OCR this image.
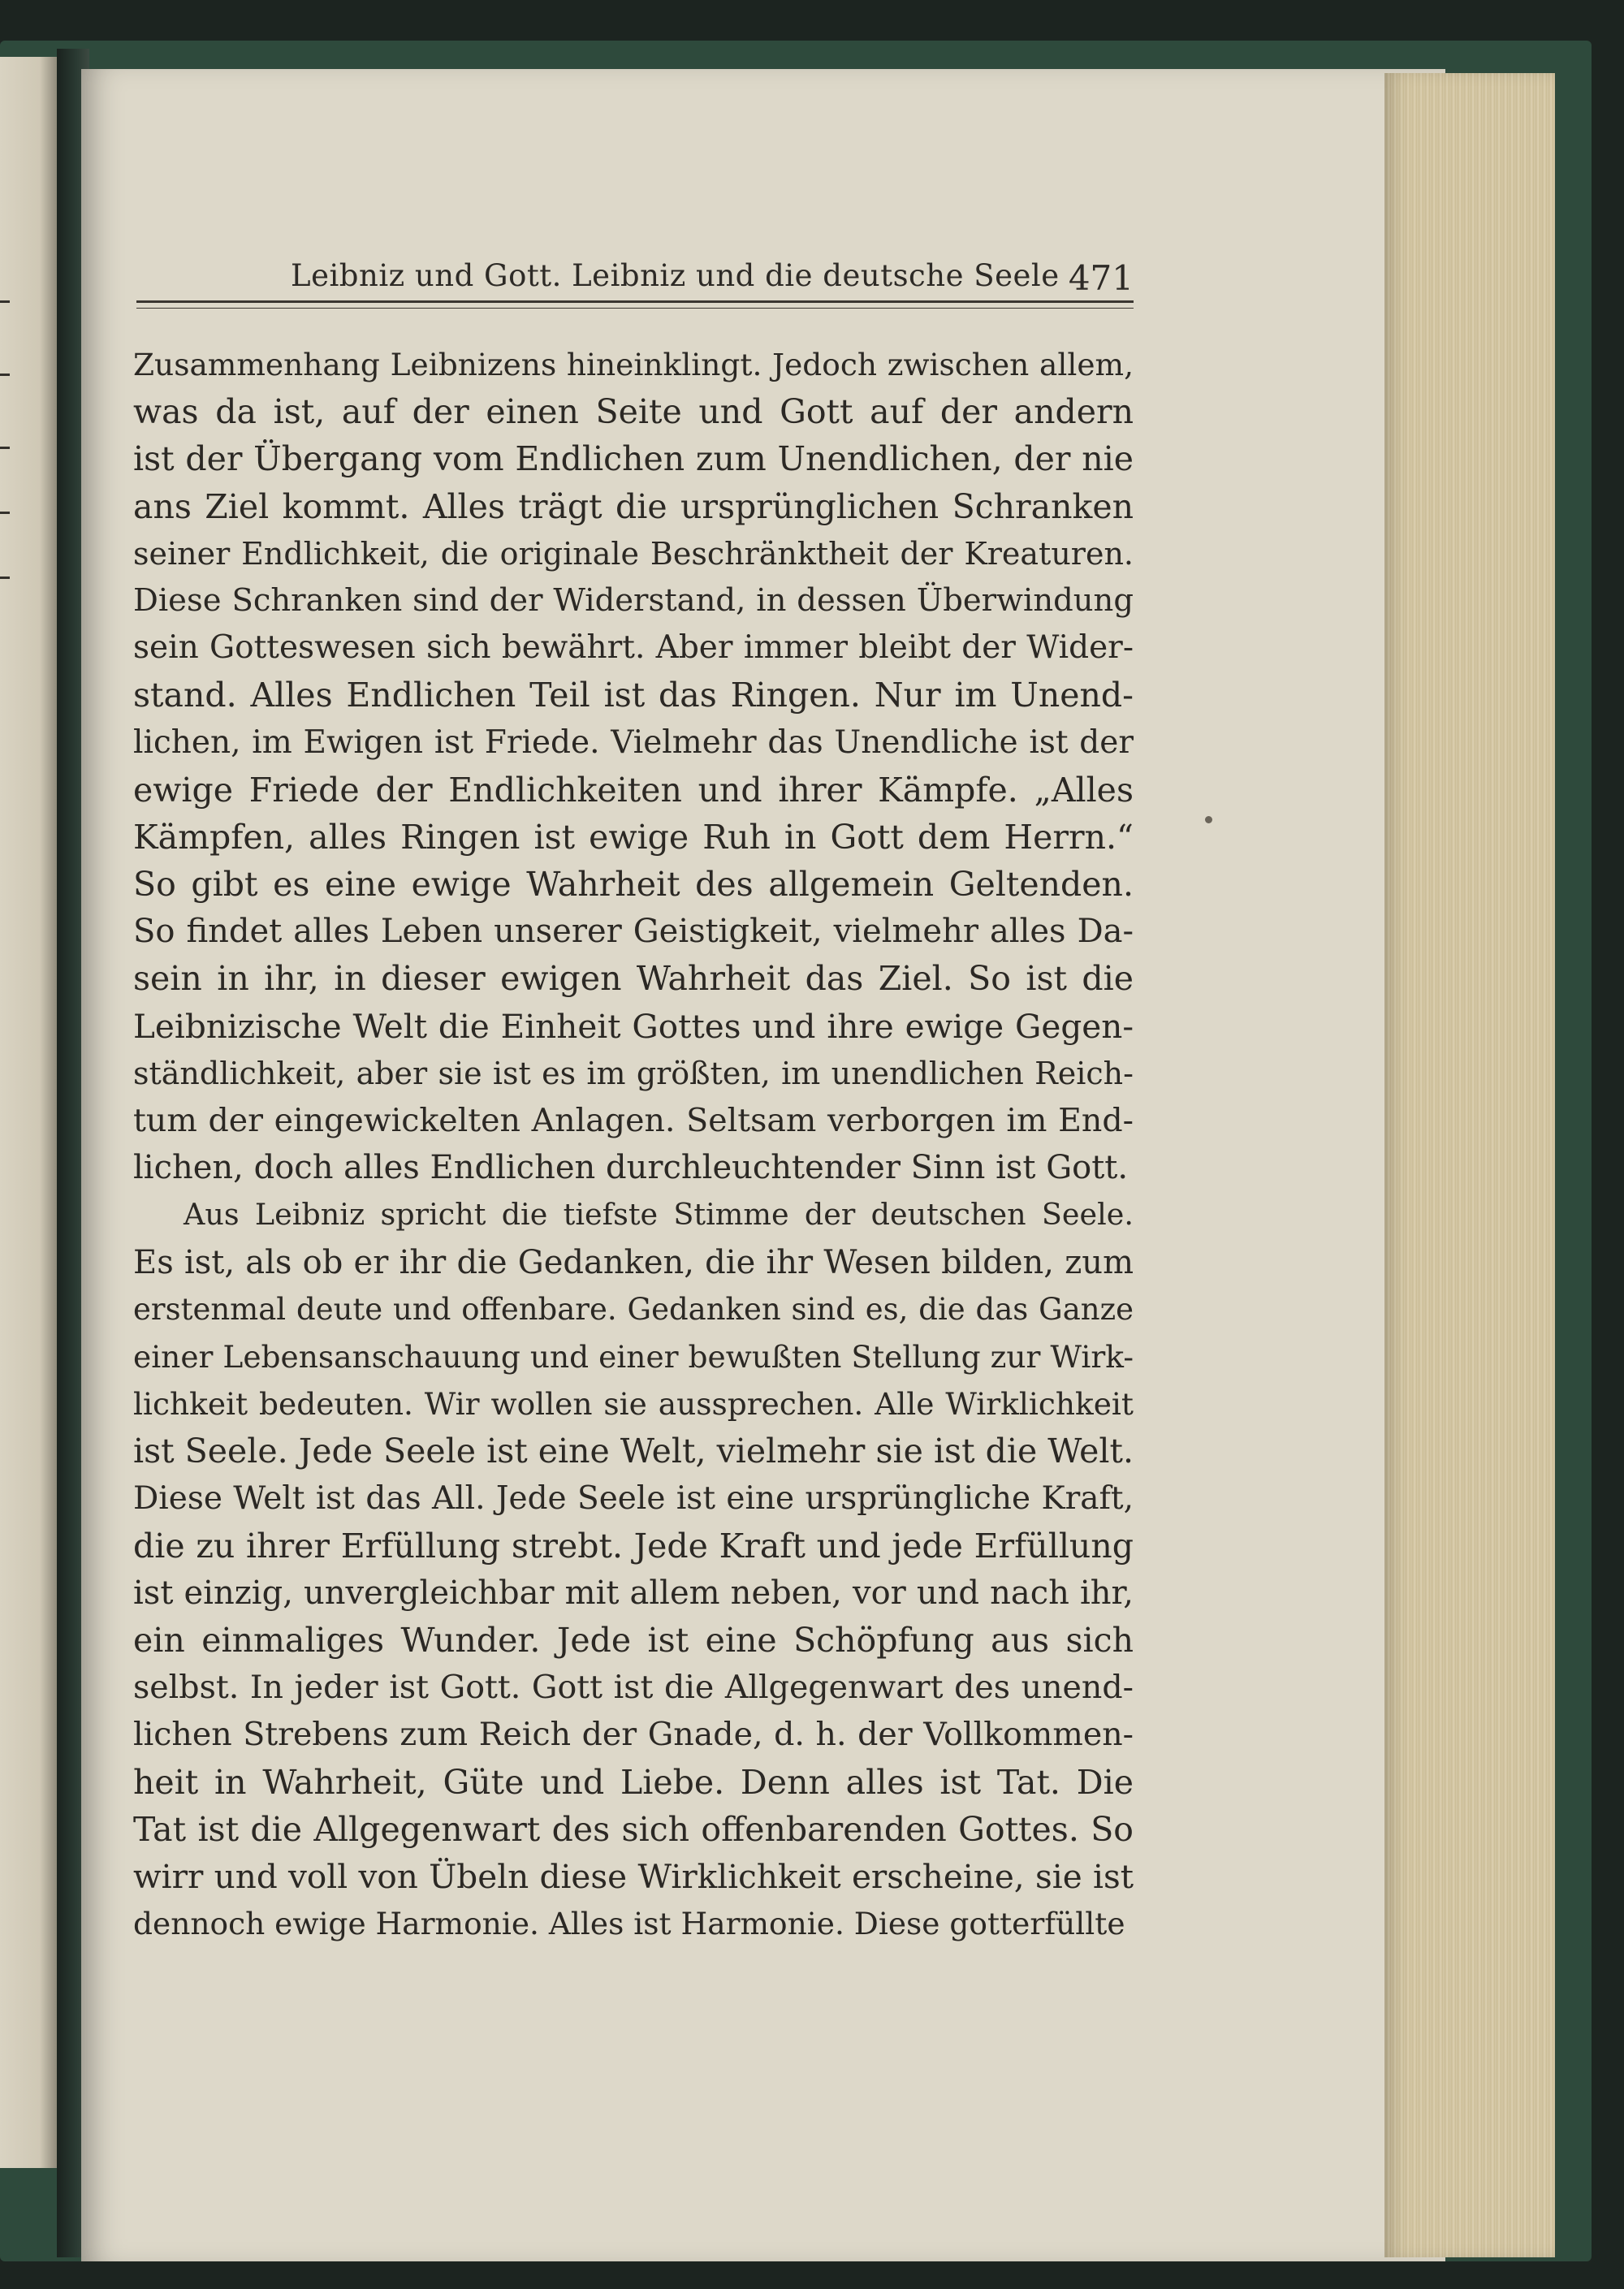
Leibniz und Gott. Leibniz und die deutsche Seele 471
Zusammenhang Leibnizens hineinklingt. Jedoch zwischen allem,
was da ist, auf der einen Seite und Gott auf der andern
ist der Übergang vom Endlichen zum Unendlichen, der nie
ans Ziel kommt. Alles trägt die ursprünglichen Schranken
seiner Endlichkeit, die originale Beschränktheit der Kreaturen.
Diese Schranken sind der Widerstand, in dessen Überwindung
sein Gotteswesen sich bewährt. Aber immer bleibt der Wider-
stand. Alles Endlichen Teil ist das Ringen. Nur im Unend-
lichen, im Ewigen ist Friede. Vielmehr das Unendliche ist der
ewige Friede der Endlichkeiten und ihrer Kämpfe. „Alles
Kämpfen, alles Ringen ist ewige Ruh in Gott dem Herrn.“
So gibt es eine ewige Wahrheit des allgemein Geltenden.
So findet alles Leben unserer Geistigkeit, vielmehr alles Da-
sein in ihr, in dieser ewigen Wahrheit das Ziel. So ist die
Leibnizische Welt die Einheit Gottes und ihre ewige Gegen-
ständlichkeit, aber sie ist es im größten, im unendlichen Reich-
tum der eingewickelten Anlagen. Seltsam verborgen im End-
lichen, doch alles Endlichen durchleuchtender Sinn ist Gott.
Aus Leibniz spricht die tiefste Stimme der deutschen Seele.
Es ist, als ob er ihr die Gedanken, die ihr Wesen bilden, zum
erstenmal deute und offenbare. Gedanken sind es, die das Ganze
einer Lebensanschauung und einer bewußten Stellung zur Wirk-
lichkeit bedeuten. Wir wollen sie aussprechen. Alle Wirklichkeit
ist Seele. Jede Seele ist eine Welt, vielmehr sie ist die Welt.
Diese Welt ist das All. Jede Seele ist eine ursprüngliche Kraft,
die zu ihrer Erfüllung strebt. Jede Kraft und jede Erfüllung
ist einzig, unvergleichbar mit allem neben, vor und nach ihr,
ein einmaliges Wunder. Jede ist eine Schöpfung aus sich
selbst. In jeder ist Gott. Gott ist die Allgegenwart des unend-
lichen Strebens zum Reich der Gnade, d. h. der Vollkommen-
heit in Wahrheit, Güte und Liebe. Denn alles ist Tat. Die
Tat ist die Allgegenwart des sich offenbarenden Gottes. So
wirr und voll von Übeln diese Wirklichkeit erscheine, sie ist
dennoch ewige Harmonie. Alles ist Harmonie. Diese gotterfüllte
